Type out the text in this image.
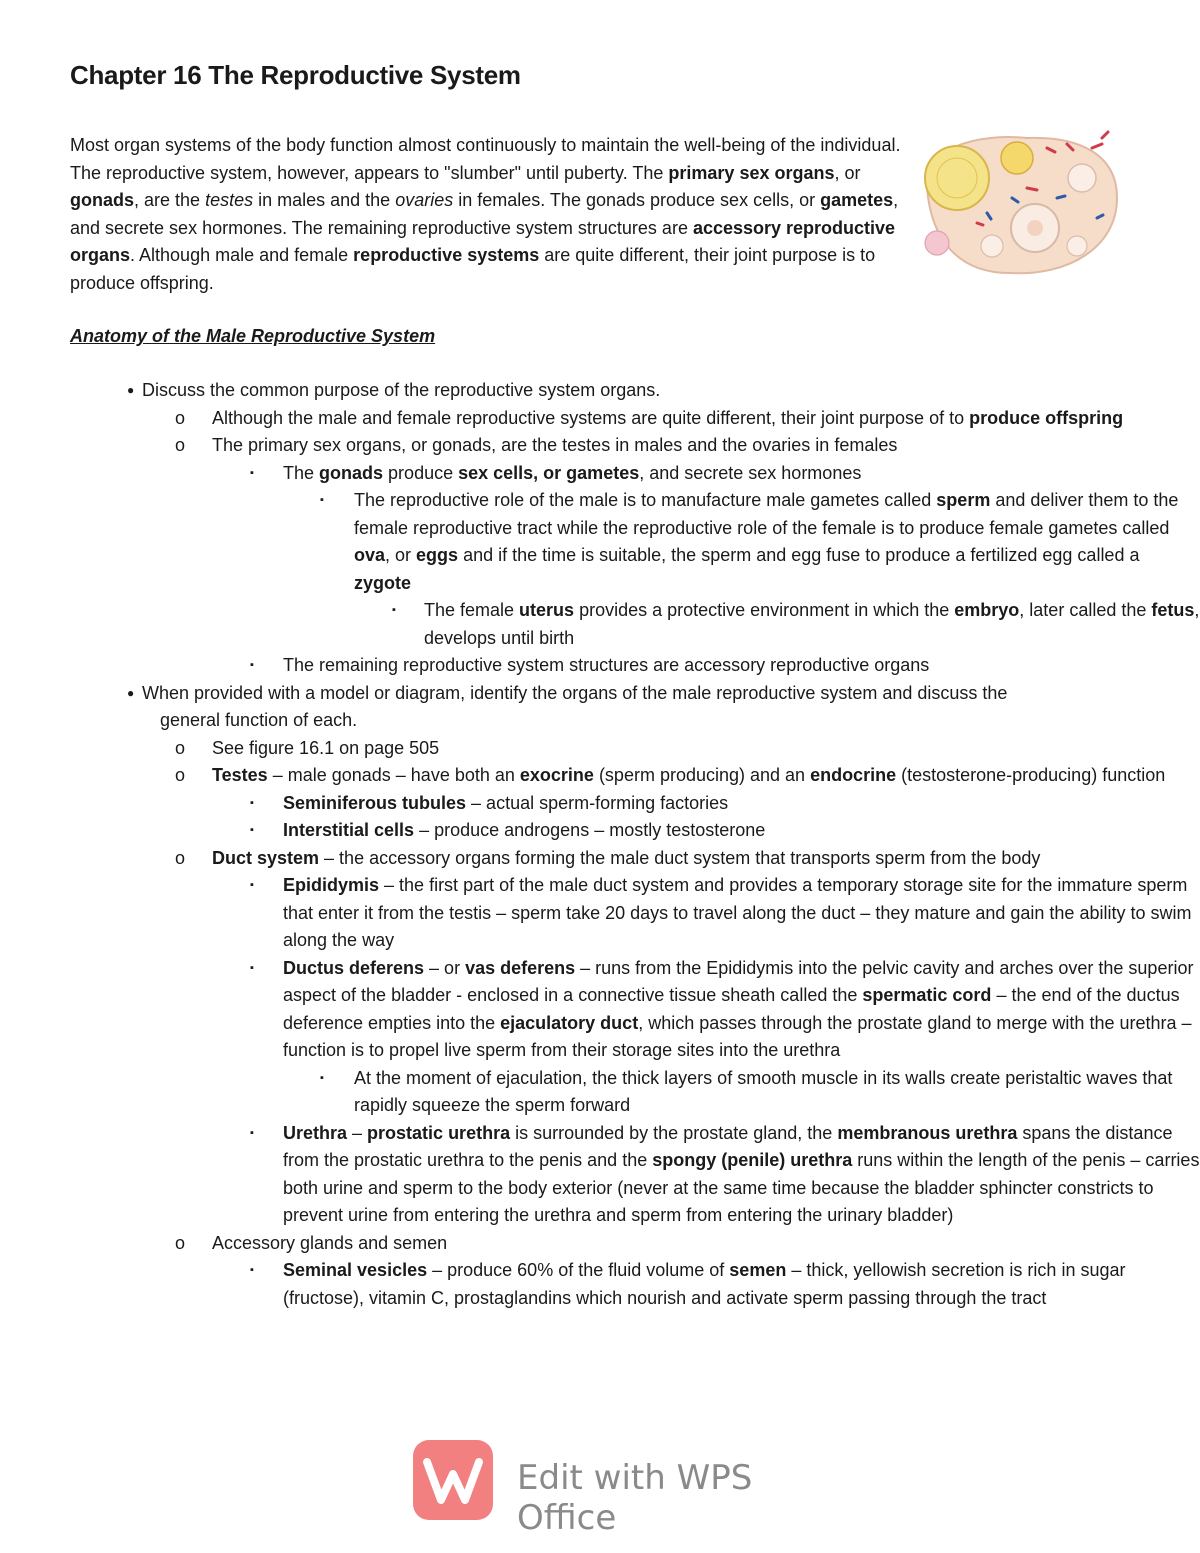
Chapter 16 The Reproductive System

Most organ systems of the body function almost continuously to maintain the well-being of the individual. The reproductive system, however, appears to "slumber" until puberty. The primary sex organs, or gonads, are the testes in males and the ovaries in females. The gonads produce sex cells, or gametes, and secrete sex hormones. The remaining reproductive system structures are accessory reproductive organs. Although male and female reproductive systems are quite different, their joint purpose is to produce offspring.

Anatomy of the Male Reproductive System
● Discuss the common purpose of the reproductive system organs.
o Although the male and female reproductive systems are quite different, their joint purpose of to produce offspring
o The primary sex organs, or gonads, are the testes in males and the ovaries in females
▪ The gonads produce sex cells, or gametes, and secrete sex hormones
▪ The reproductive role of the male is to manufacture male gametes called sperm and deliver them to the female reproductive tract while the reproductive role of the female is to produce female gametes called ova, or eggs and if the time is suitable, the sperm and egg fuse to produce a fertilized egg called a zygote
▪ The female uterus provides a protective environment in which the embryo, later called the fetus, develops until birth
▪ The remaining reproductive system structures are accessory reproductive organs
● When provided with a model or diagram, identify the organs of the male reproductive system and discuss the
general function of each.
o See figure 16.1 on page 505
o Testes – male gonads – have both an exocrine (sperm producing) and an endocrine (testosterone-producing) function
▪ Seminiferous tubules – actual sperm-forming factories
▪ Interstitial cells – produce androgens – mostly testosterone
o Duct system – the accessory organs forming the male duct system that transports sperm from the body
▪ Epididymis – the first part of the male duct system and provides a temporary storage site for the immature sperm that enter it from the testis – sperm take 20 days to travel along the duct – they mature and gain the ability to swim along the way
▪ Ductus deferens – or vas deferens – runs from the Epididymis into the pelvic cavity and arches over the superior aspect of the bladder - enclosed in a connective tissue sheath called the spermatic cord – the end of the ductus deference empties into the ejaculatory duct, which passes through the prostate gland to merge with the urethra – function is to propel live sperm from their storage sites into the urethra
▪ At the moment of ejaculation, the thick layers of smooth muscle in its walls create peristaltic waves that rapidly squeeze the sperm forward
▪ Urethra – prostatic urethra is surrounded by the prostate gland, the membranous urethra spans the distance from the prostatic urethra to the penis and the spongy (penile) urethra runs within the length of the penis – carries both urine and sperm to the body exterior (never at the same time because the bladder sphincter constricts to prevent urine from entering the urethra and sperm from entering the urinary bladder)
o Accessory glands and semen
▪ Seminal vesicles – produce 60% of the fluid volume of semen – thick, yellowish secretion is rich in sugar (fructose), vitamin C, prostaglandins which nourish and activate sperm passing through the tract
Edit with WPS Office
